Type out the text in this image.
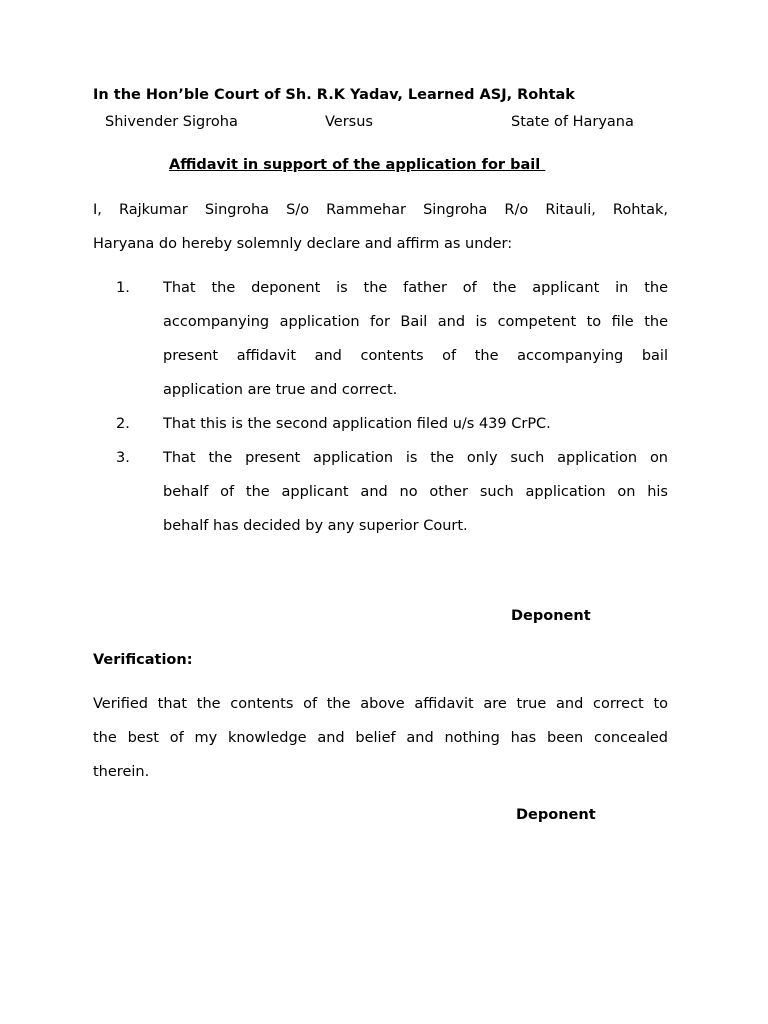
In the Hon’ble Court of Sh. R.K Yadav, Learned ASJ, Rohtak
Shivender Sigroha	Versus	State of Haryana
Affidavit in support of the application for bail
I, Rajkumar Singroha S/o Rammehar Singroha R/o Ritauli, Rohtak,
Haryana do hereby solemnly declare and affirm as under:
1. That the deponent is the father of the applicant in the
accompanying application for Bail and is competent to file the
present affidavit and contents of the accompanying bail
application are true and correct.
2. That this is the second application filed u/s 439 CrPC.
3. That the present application is the only such application on
behalf of the applicant and no other such application on his
behalf has decided by any superior Court.
Deponent
Verification:
Verified that the contents of the above affidavit are true and correct to
the best of my knowledge and belief and nothing has been concealed
therein.
Deponent
